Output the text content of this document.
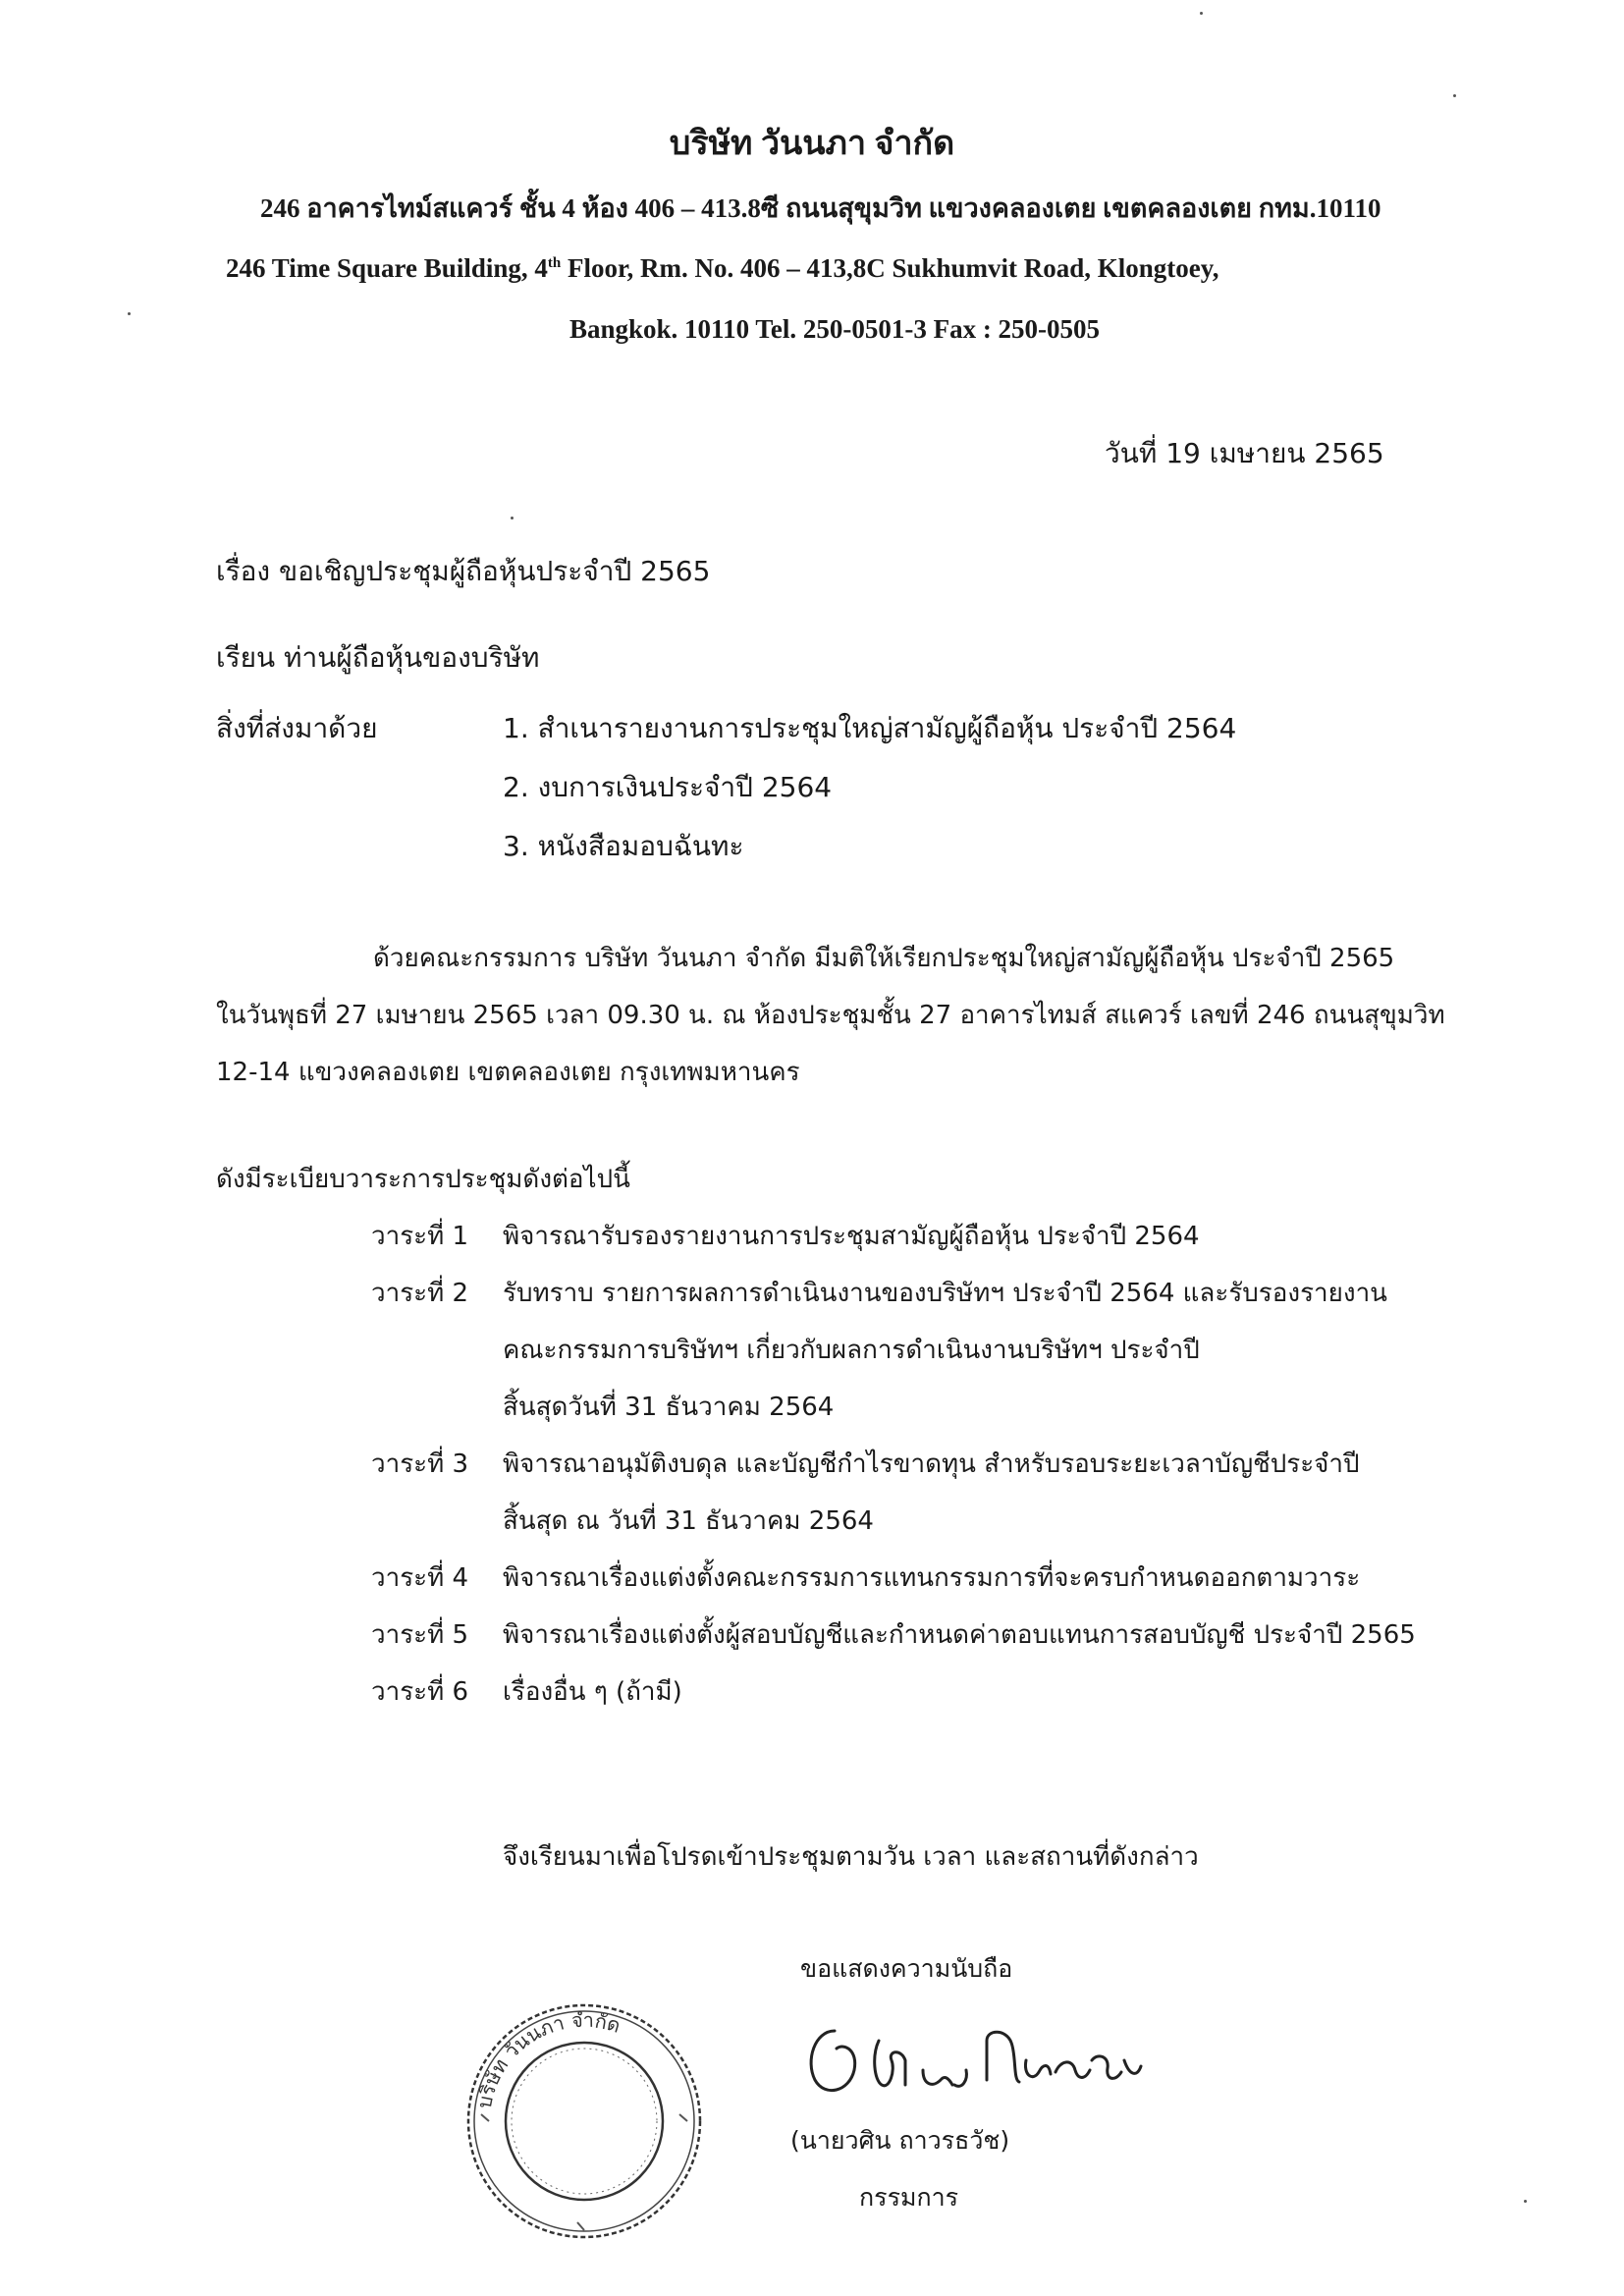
บริษัท วันนภา จำกัด
246 อาคารไทม์สแควร์ ชั้น 4 ห้อง 406 – 413.8ซี ถนนสุขุมวิท แขวงคลองเตย เขตคลองเตย กทม.10110
246 Time Square Building, 4th Floor, Rm. No. 406 – 413,8C Sukhumvit Road, Klongtoey,
Bangkok. 10110 Tel. 250-0501-3 Fax : 250-0505
วันที่ 19 เมษายน 2565
เรื่อง ขอเชิญประชุมผู้ถือหุ้นประจำปี 2565
เรียน ท่านผู้ถือหุ้นของบริษัท
สิ่งที่ส่งมาด้วย	1. สำเนารายงานการประชุมใหญ่สามัญผู้ถือหุ้น ประจำปี 2564
2. งบการเงินประจำปี 2564
3. หนังสือมอบฉันทะ
ด้วยคณะกรรมการ บริษัท วันนภา จำกัด มีมติให้เรียกประชุมใหญ่สามัญผู้ถือหุ้น ประจำปี 2565
ในวันพุธที่ 27 เมษายน 2565 เวลา 09.30 น. ณ ห้องประชุมชั้น 27 อาคารไทมส์ สแควร์ เลขที่ 246 ถนนสุขุมวิท
12-14 แขวงคลองเตย เขตคลองเตย กรุงเทพมหานคร
ดังมีระเบียบวาระการประชุมดังต่อไปนี้
วาระที่ 1 พิจารณารับรองรายงานการประชุมสามัญผู้ถือหุ้น ประจำปี 2564
วาระที่ 2 รับทราบ รายการผลการดำเนินงานของบริษัทฯ ประจำปี 2564 และรับรองรายงาน
คณะกรรมการบริษัทฯ เกี่ยวกับผลการดำเนินงานบริษัทฯ ประจำปี
สิ้นสุดวันที่ 31 ธันวาคม 2564
วาระที่ 3 พิจารณาอนุมัติงบดุล และบัญชีกำไรขาดทุน สำหรับรอบระยะเวลาบัญชีประจำปี
สิ้นสุด ณ วันที่ 31 ธันวาคม 2564
วาระที่ 4 พิจารณาเรื่องแต่งตั้งคณะกรรมการแทนกรรมการที่จะครบกำหนดออกตามวาระ
วาระที่ 5 พิจารณาเรื่องแต่งตั้งผู้สอบบัญชีและกำหนดค่าตอบแทนการสอบบัญชี ประจำปี 2565
วาระที่ 6 เรื่องอื่น ๆ (ถ้ามี)
จึงเรียนมาเพื่อโปรดเข้าประชุมตามวัน เวลา และสถานที่ดังกล่าว
ขอแสดงความนับถือ
บริษัท วันนภา จำกัด
(นายวศิน ถาวรธวัช)
กรรมการ
